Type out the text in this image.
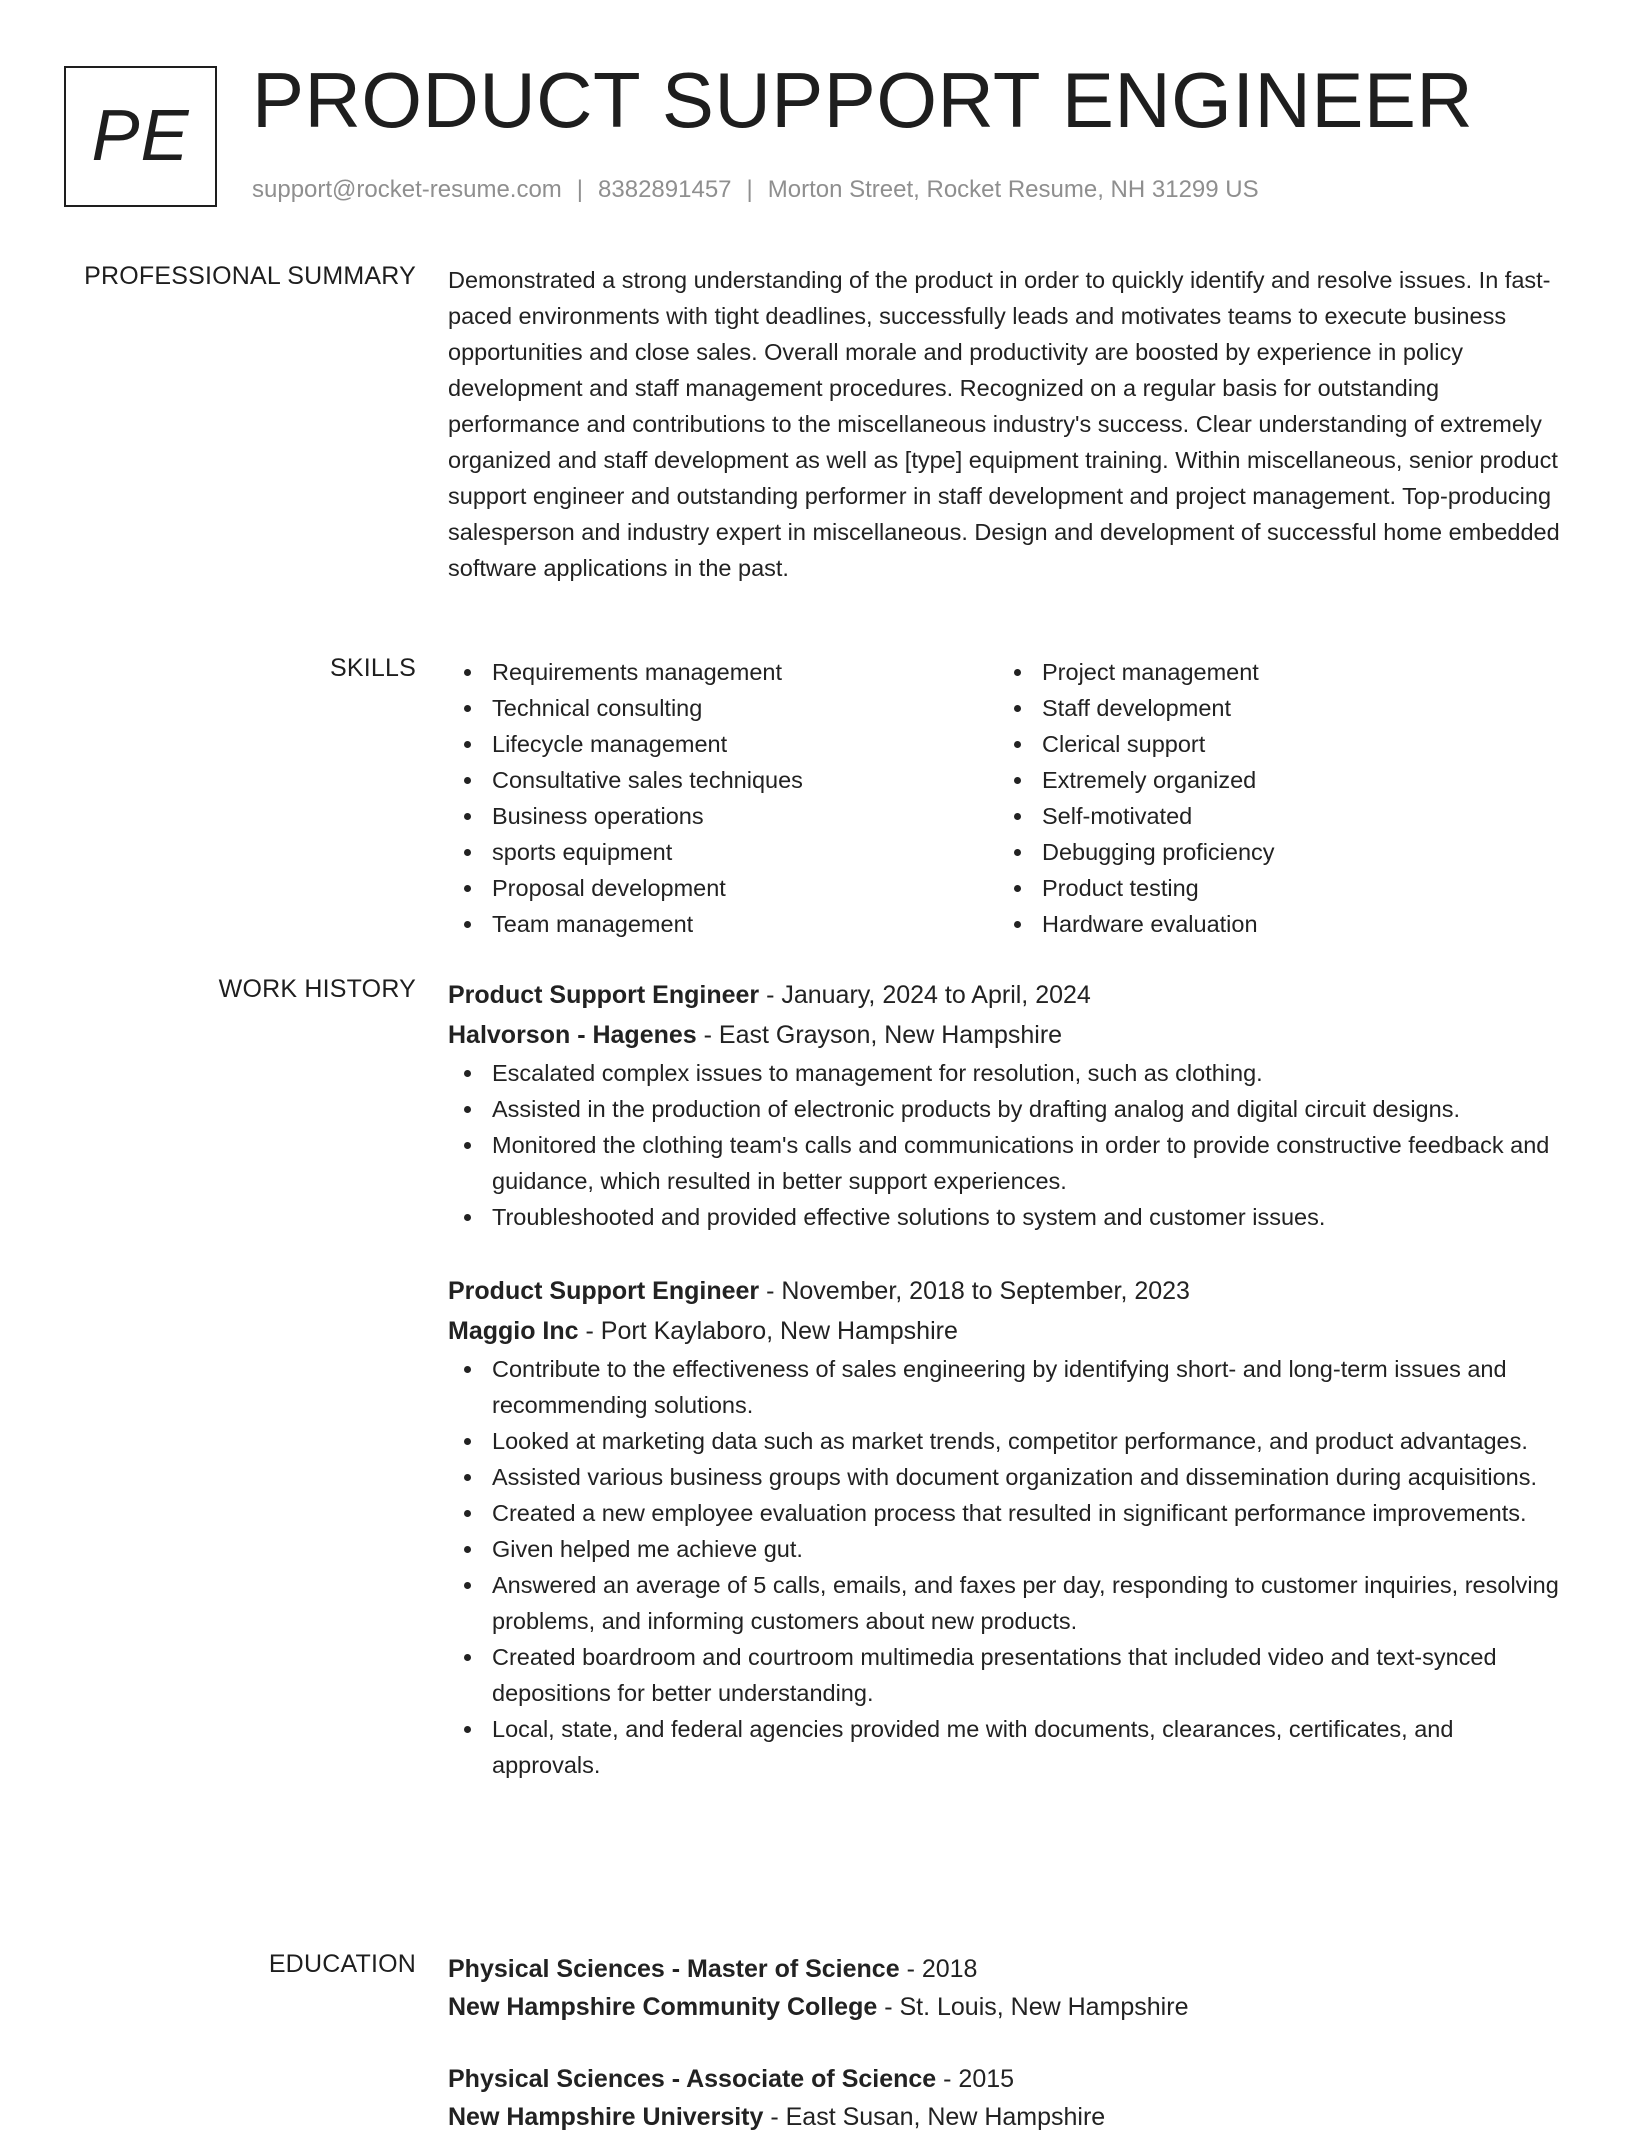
PE PRODUCT SUPPORT ENGINEER
support@rocket-resume.com | 8382891457 | Morton Street, Rocket Resume, NH 31299 US
PROFESSIONAL SUMMARY Demonstrated a strong understanding of the product in order to quickly identify and resolve issues. In fast-paced environments with tight deadlines, successfully leads and motivates teams to execute business opportunities and close sales. Overall morale and productivity are boosted by experience in policy development and staff management procedures. Recognized on a regular basis for outstanding performance and contributions to the miscellaneous industry's success. Clear understanding of extremely organized and staff development as well as [type] equipment training. Within miscellaneous, senior product support engineer and outstanding performer in staff development and project management. Top-producing salesperson and industry expert in miscellaneous. Design and development of successful home embedded software applications in the past.

SKILLS	Requirements management
Technical consulting
Lifecycle management
Consultative sales techniques
Business operations
sports equipment
Proposal development
Team management
Project management
Staff development
Clerical support
Extremely organized
Self-motivated
Debugging proficiency
Product testing
Hardware evaluation
WORK HISTORY Product Support Engineer - January, 2024 to April, 2024
Halvorson - Hagenes - East Grayson, New Hampshire
Escalated complex issues to management for resolution, such as clothing.
Assisted in the production of electronic products by drafting analog and digital circuit designs.
Monitored the clothing team's calls and communications in order to provide constructive feedback and guidance, which resulted in better support experiences.
Troubleshooted and provided effective solutions to system and customer issues.
Product Support Engineer - November, 2018 to September, 2023
Maggio Inc - Port Kaylaboro, New Hampshire
Contribute to the effectiveness of sales engineering by identifying short- and long-term issues and recommending solutions.
Looked at marketing data such as market trends, competitor performance, and product advantages.
Assisted various business groups with document organization and dissemination during acquisitions.
Created a new employee evaluation process that resulted in significant performance improvements.
Given helped me achieve gut.
Answered an average of 5 calls, emails, and faxes per day, responding to customer inquiries, resolving problems, and informing customers about new products.
Created boardroom and courtroom multimedia presentations that included video and text-synced depositions for better understanding.
Local, state, and federal agencies provided me with documents, clearances, certificates, and approvals.
EDUCATION Physical Sciences - Master of Science - 2018
New Hampshire Community College - St. Louis, New Hampshire
Physical Sciences - Associate of Science - 2015
New Hampshire University - East Susan, New Hampshire
